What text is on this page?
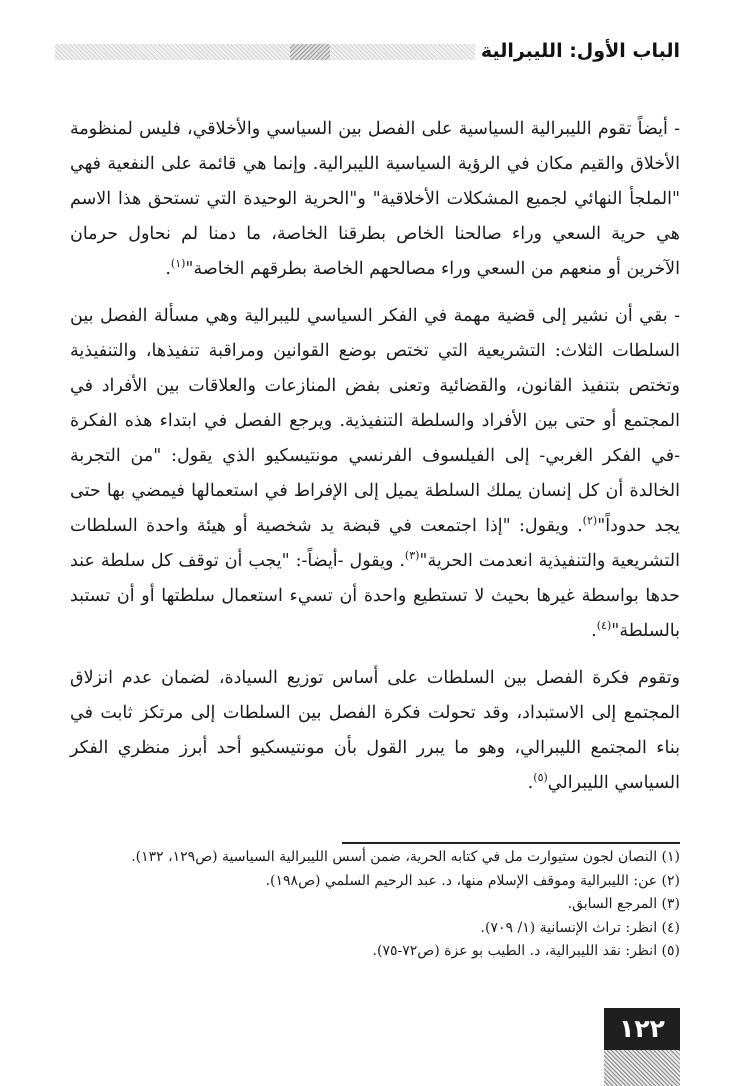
الباب الأول: الليبرالية

- أيضاً تقوم الليبرالية السياسية على الفصل بين السياسي والأخلاقي، فليس لمنظومة الأخلاق والقيم مكان في الرؤية السياسية الليبرالية. وإنما هي قائمة على النفعية فهي "الملجأ النهائي لجميع المشكلات الأخلاقية" و"الحرية الوحيدة التي تستحق هذا الاسم هي حرية السعي وراء صالحنا الخاص بطرقنا الخاصة، ما دمنا لم نحاول حرمان الآخرين أو منعهم من السعي وراء مصالحهم الخاصة بطرقهم الخاصة"$^{(١)}$.

- بقي أن نشير إلى قضية مهمة في الفكر السياسي لليبرالية وهي مسألة الفصل بين السلطات الثلاث: التشريعية التي تختص بوضع القوانين ومراقبة تنفيذها، والتنفيذية وتختص بتنفيذ القانون، والقضائية وتعنى بفض المنازعات والعلاقات بين الأفراد في المجتمع أو حتى بين الأفراد والسلطة التنفيذية. ويرجع الفصل في ابتداء هذه الفكرة -في الفكر الغربي- إلى الفيلسوف الفرنسي مونتيسكيو الذي يقول: "من التجربة الخالدة أن كل إنسان يملك السلطة يميل إلى الإفراط في استعمالها فيمضي بها حتى يجد حدوداً"$^{(٢)}$. ويقول: "إذا اجتمعت في قبضة يد شخصية أو هيئة واحدة السلطات التشريعية والتنفيذية انعدمت الحرية"$^{(٣)}$. ويقول -أيضاً-: "يجب أن توقف كل سلطة عند حدها بواسطة غيرها بحيث لا تستطيع واحدة أن تسيء استعمال سلطتها أو أن تستبد بالسلطة"$^{(٤)}$.

وتقوم فكرة الفصل بين السلطات على أساس توزيع السيادة، لضمان عدم انزلاق المجتمع إلى الاستبداد، وقد تحولت فكرة الفصل بين السلطات إلى مرتكز ثابت في بناء المجتمع الليبرالي، وهو ما يبرر القول بأن مونتيسكيو أحد أبرز منظري الفكر السياسي الليبرالي$^{(٥)}$.

(١) النصان لجون ستيوارت مل في كتابه الحرية، ضمن أسس الليبرالية السياسية (ص١٢٩، ١٣٢).
(٢) عن: الليبرالية وموقف الإسلام منها، د. عبد الرحيم السلمي (ص١٩٨).
(٣) المرجع السابق.
(٤) انظر: تراث الإنسانية (١/ ٧٠٩).
(٥) انظر: نقد الليبرالية، د. الطيب بو عزة (ص٧٢-٧٥).
١٢٢
